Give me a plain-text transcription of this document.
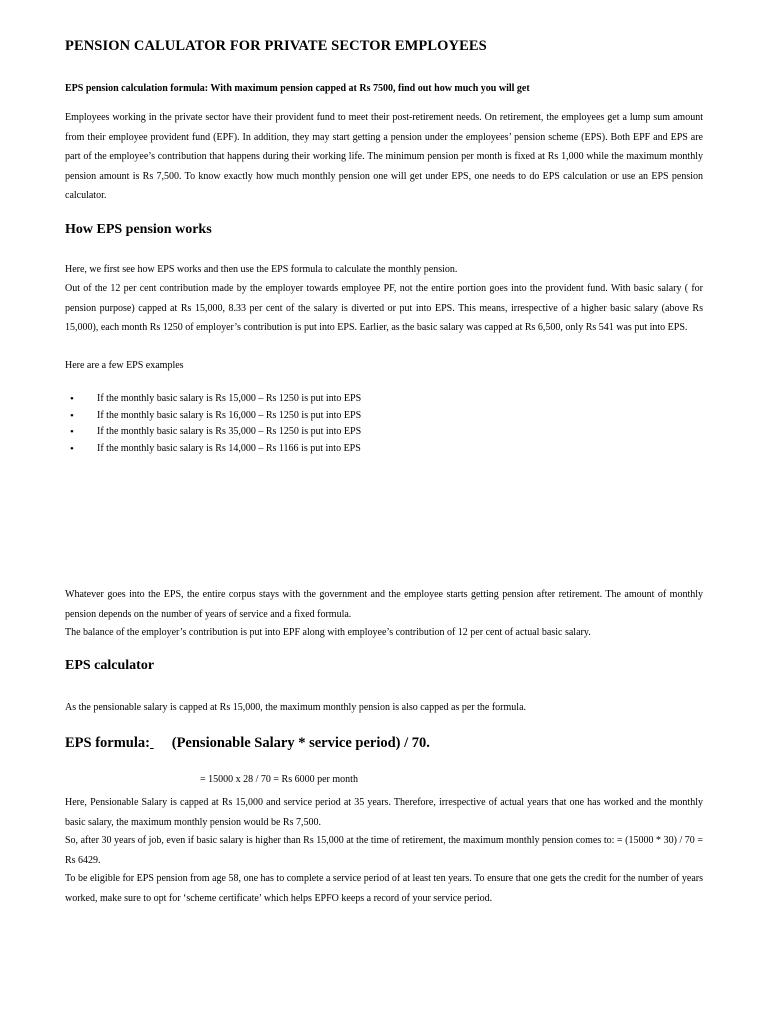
PENSION CALULATOR FOR PRIVATE SECTOR EMPLOYEES

EPS pension calculation formula: With maximum pension capped at Rs 7500, find out how much you will get

Employees working in the private sector have their provident fund to meet their post-retirement needs. On retirement, the employees get a lump sum amount from their employee provident fund (EPF). In addition, they may start getting a pension under the employees’ pension scheme (EPS). Both EPF and EPS are part of the employee’s contribution that happens during their working life. The minimum pension per month is fixed at Rs 1,000 while the maximum monthly pension amount is Rs 7,500. To know exactly how much monthly pension one will get under EPS, one needs to do EPS calculation or use an EPS pension calculator.

How EPS pension works

Here, we first see how EPS works and then use the EPS formula to calculate the monthly pension.

Out of the 12 per cent contribution made by the employer towards employee PF, not the entire portion goes into the provident fund. With basic salary ( for pension purpose) capped at Rs 15,000, 8.33 per cent of the salary is diverted or put into EPS. This means, irrespective of a higher basic salary (above Rs 15,000), each month Rs 1250 of employer’s contribution is put into EPS. Earlier, as the basic salary was capped at Rs 6,500, only Rs 541 was put into EPS.

Here are a few EPS examples

• If the monthly basic salary is Rs 15,000 – Rs 1250 is put into EPS
• If the monthly basic salary is Rs 16,000 – Rs 1250 is put into EPS
• If the monthly basic salary is Rs 35,000 – Rs 1250 is put into EPS
• If the monthly basic salary is Rs 14,000 – Rs 1166 is put into EPS

Whatever goes into the EPS, the entire corpus stays with the government and the employee starts getting pension after retirement. The amount of monthly pension depends on the number of years of service and a fixed formula.

The balance of the employer’s contribution is put into EPF along with employee’s contribution of 12 per cent of actual basic salary.

EPS calculator

As the pensionable salary is capped at Rs 15,000, the maximum monthly pension is also capped as per the formula.

EPS formula: (Pensionable Salary * service period) / 70.

= 15000 x 28 / 70 = Rs 6000 per month

Here, Pensionable Salary is capped at Rs 15,000 and service period at 35 years. Therefore, irrespective of actual years that one has worked and the monthly basic salary, the maximum monthly pension would be Rs 7,500.

So, after 30 years of job, even if basic salary is higher than Rs 15,000 at the time of retirement, the maximum monthly pension comes to: = (15000 * 30) / 70 = Rs 6429.

To be eligible for EPS pension from age 58, one has to complete a service period of at least ten years. To ensure that one gets the credit for the number of years worked, make sure to opt for ‘scheme certificate’ which helps EPFO keeps a record of your service period.
